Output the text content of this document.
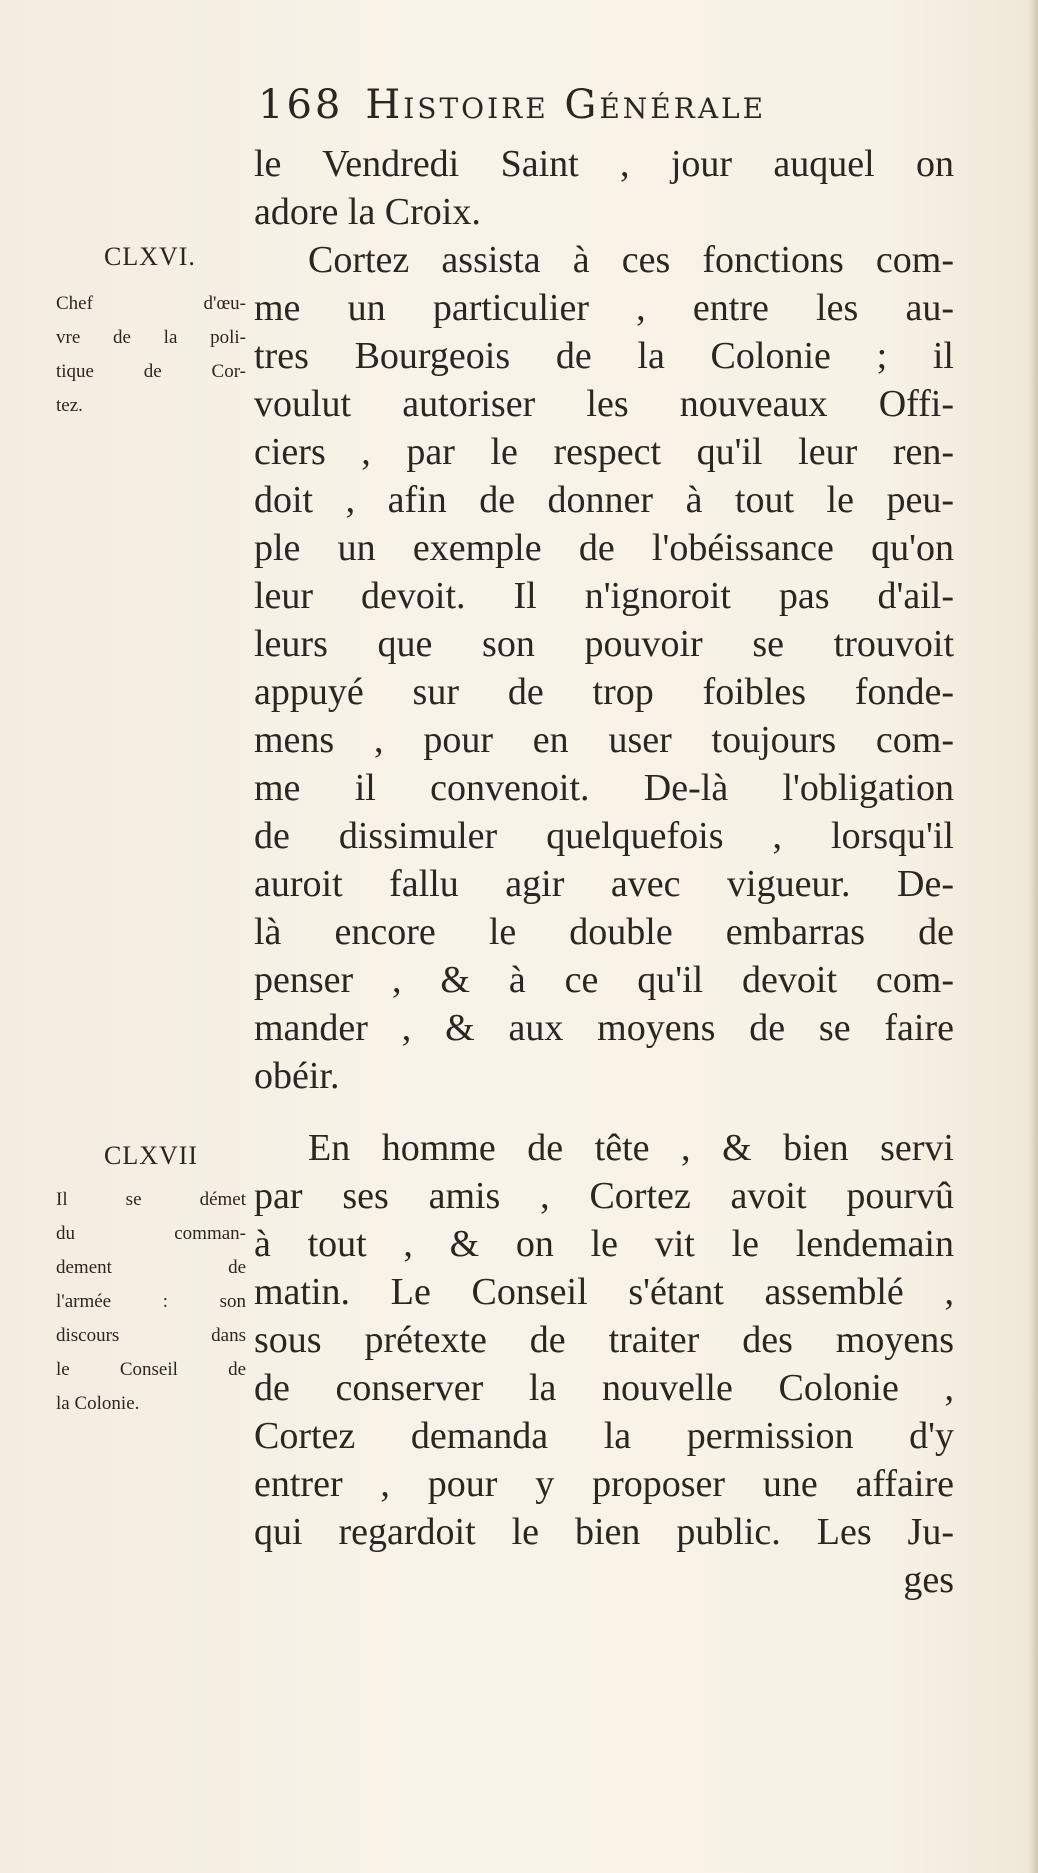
168 Histoire Générale
CLXVI.
Chef d'œu-
vre de la poli-
tique de Cor-
tez.
CLXVII
Il se démet
du comman-
dement de
l'armée : son
discours dans
le Conseil de
la Colonie.
le Vendredi Saint , jour auquel on
adore la Croix.
Cortez assista à ces fonctions com-
me un particulier , entre les au-
tres Bourgeois de la Colonie ; il
voulut autoriser les nouveaux Offi-
ciers , par le respect qu'il leur ren-
doit , afin de donner à tout le peu-
ple un exemple de l'obéissance qu'on
leur devoit. Il n'ignoroit pas d'ail-
leurs que son pouvoir se trouvoit
appuyé sur de trop foibles fonde-
mens , pour en user toujours com-
me il convenoit. De-là l'obligation
de dissimuler quelquefois , lorsqu'il
auroit fallu agir avec vigueur. De-
là encore le double embarras de
penser , & à ce qu'il devoit com-
mander , & aux moyens de se faire
obéir.
En homme de tête , & bien servi
par ses amis , Cortez avoit pourvû
à tout , & on le vit le lendemain
matin. Le Conseil s'étant assemblé ,
sous prétexte de traiter des moyens
de conserver la nouvelle Colonie ,
Cortez demanda la permission d'y
entrer , pour y proposer une affaire
qui regardoit le bien public. Les Ju-
ges
